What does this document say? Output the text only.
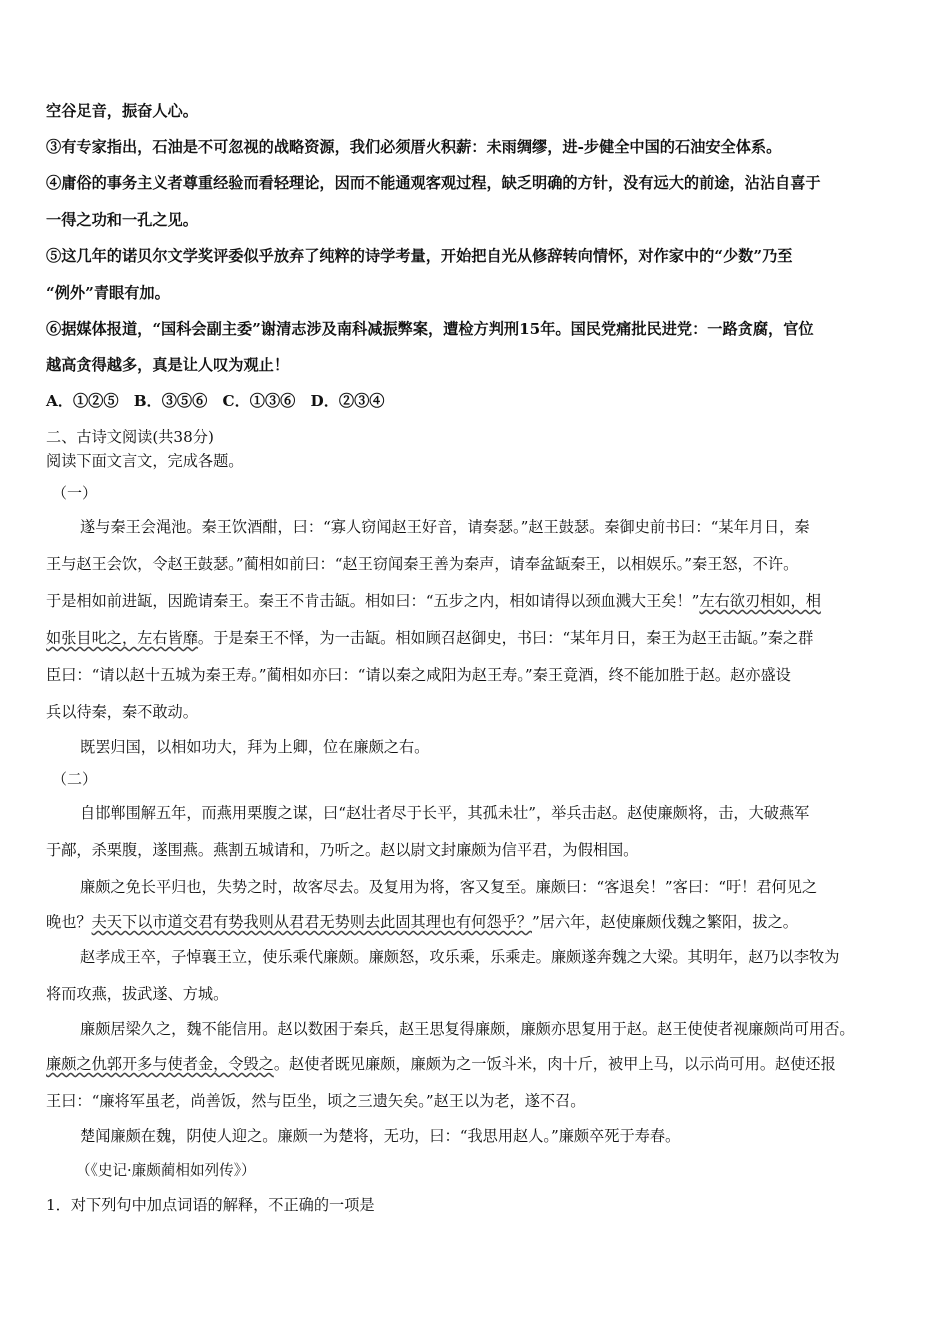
空谷足音，振奋人心。
③有专家指出，石油是不可忽视的战略资源，我们必须厝火积薪：未雨绸缪，进-步健全中国的石油安全体系。
④庸俗的事务主义者尊重经验而看轻理论，因而不能通观客观过程，缺乏明确的方针，没有远大的前途，沾沾自喜于
一得之功和一孔之见。
⑤这几年的诺贝尔文学奖评委似乎放弃了纯粹的诗学考量，开始把自光从修辞转向情怀，对作家中的“少数”乃至
“例外”青眼有加。
⑥据媒体报道，“国科会副主委”谢清志涉及南科减振弊案，遭检方判刑15年。国民党痛批民进党：一路贪腐，官位
越高贪得越多，真是让人叹为观止！
A．①②⑤　B．③⑤⑥　C．①③⑥　D．②③④
二、古诗文阅读(共38分)
阅读下面文言文，完成各题。
（一）
遂与秦王会渑池。秦王饮酒酣，曰：“寡人窃闻赵王好音，请奏瑟。”赵王鼓瑟。秦御史前书曰：“某年月日，秦
王与赵王会饮，令赵王鼓瑟。”蔺相如前曰：“赵王窃闻秦王善为秦声，请奉盆缻秦王，以相娱乐。”秦王怒，不许。
于是相如前进缻，因跪请秦王。秦王不肯击缻。相如曰：“五步之内，相如请得以颈血溅大王矣！”左右欲刃相如，相
如张目叱之，左右皆靡。于是秦王不怿，为一击缻。相如顾召赵御史，书曰：“某年月日，秦王为赵王击缻。”秦之群
臣曰：“请以赵十五城为秦王寿。”蔺相如亦曰：“请以秦之咸阳为赵王寿。”秦王竟酒，终不能加胜于赵。赵亦盛设
兵以待秦，秦不敢动。
既罢归国，以相如功大，拜为上卿，位在廉颇之右。
（二）
自邯郸围解五年，而燕用栗腹之谋，曰“赵壮者尽于长平，其孤未壮”，举兵击赵。赵使廉颇将，击，大破燕军
于鄗，杀栗腹，遂围燕。燕割五城请和，乃听之。赵以尉文封廉颇为信平君，为假相国。
廉颇之免长平归也，失势之时，故客尽去。及复用为将，客又复至。廉颇曰：“客退矣！”客曰：“吁！君何见之
晚也？夫天下以市道交君有势我则从君君无势则去此固其理也有何怨乎？”居六年，赵使廉颇伐魏之繁阳，拔之。
赵孝成王卒，子悼襄王立，使乐乘代廉颇。廉颇怒，攻乐乘，乐乘走。廉颇遂奔魏之大梁。其明年，赵乃以李牧为
将而攻燕，拔武遂、方城。
廉颇居梁久之，魏不能信用。赵以数困于秦兵，赵王思复得廉颇，廉颇亦思复用于赵。赵王使使者视廉颇尚可用否。
廉颇之仇郭开多与使者金，令毁之。赵使者既见廉颇，廉颇为之一饭斗米，肉十斤，被甲上马，以示尚可用。赵使还报
王曰：“廉将军虽老，尚善饭，然与臣坐，顷之三遗矢矣。”赵王以为老，遂不召。
楚闻廉颇在魏，阴使人迎之。廉颇一为楚将，无功，曰：“我思用赵人。”廉颇卒死于寿春。
（《史记·廉颇蔺相如列传》）
1．对下列句中加点词语的解释，不正确的一项是
